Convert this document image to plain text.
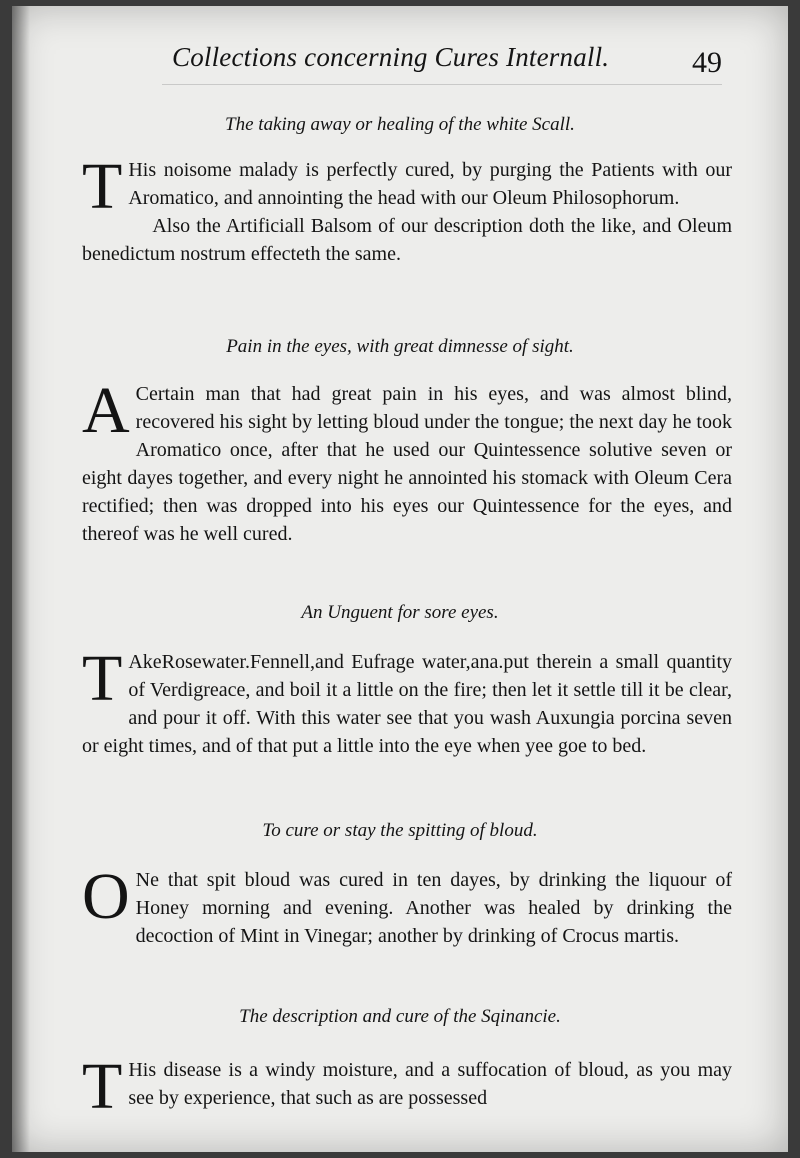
Collections concerning Cures Internall.	49
The taking away or healing of the white Scall.

T His noisome malady is perfectly cured, by purging the Patients with our Aromatico, and annointing the head with our Oleum Philosophorum.

Also the Artificiall Balsom of our description doth the like, and Oleum benedictum nostrum effecteth the same.

Pain in the eyes, with great dimnesse of sight.

A Certain man that had great pain in his eyes, and was almost blind, recovered his sight by letting bloud under the tongue; the next day he took Aromatico once, after that he used our Quintessence solutive seven or eight dayes together, and every night he annointed his stomack with Oleum Cera rectified; then was dropped into his eyes our Quintessence for the eyes, and thereof was he well cured.

An Unguent for sore eyes.

T AkeRosewater.Fennell,and Eufrage water,ana.put therein a small quantity of Verdigreace, and boil it a little on the fire; then let it settle till it be clear, and pour it off. With this water see that you wash Auxungia porcina seven or eight times, and of that put a little into the eye when yee goe to bed.

To cure or stay the spitting of bloud.

O Ne that spit bloud was cured in ten dayes, by drinking the liquour of Honey morning and evening. Another was healed by drinking the decoction of Mint in Vinegar; another by drinking of Crocus martis.

The description and cure of the Sqinancie.

T His disease is a windy moisture, and a suffocation of bloud, as you may see by experience, that such as are possessed
